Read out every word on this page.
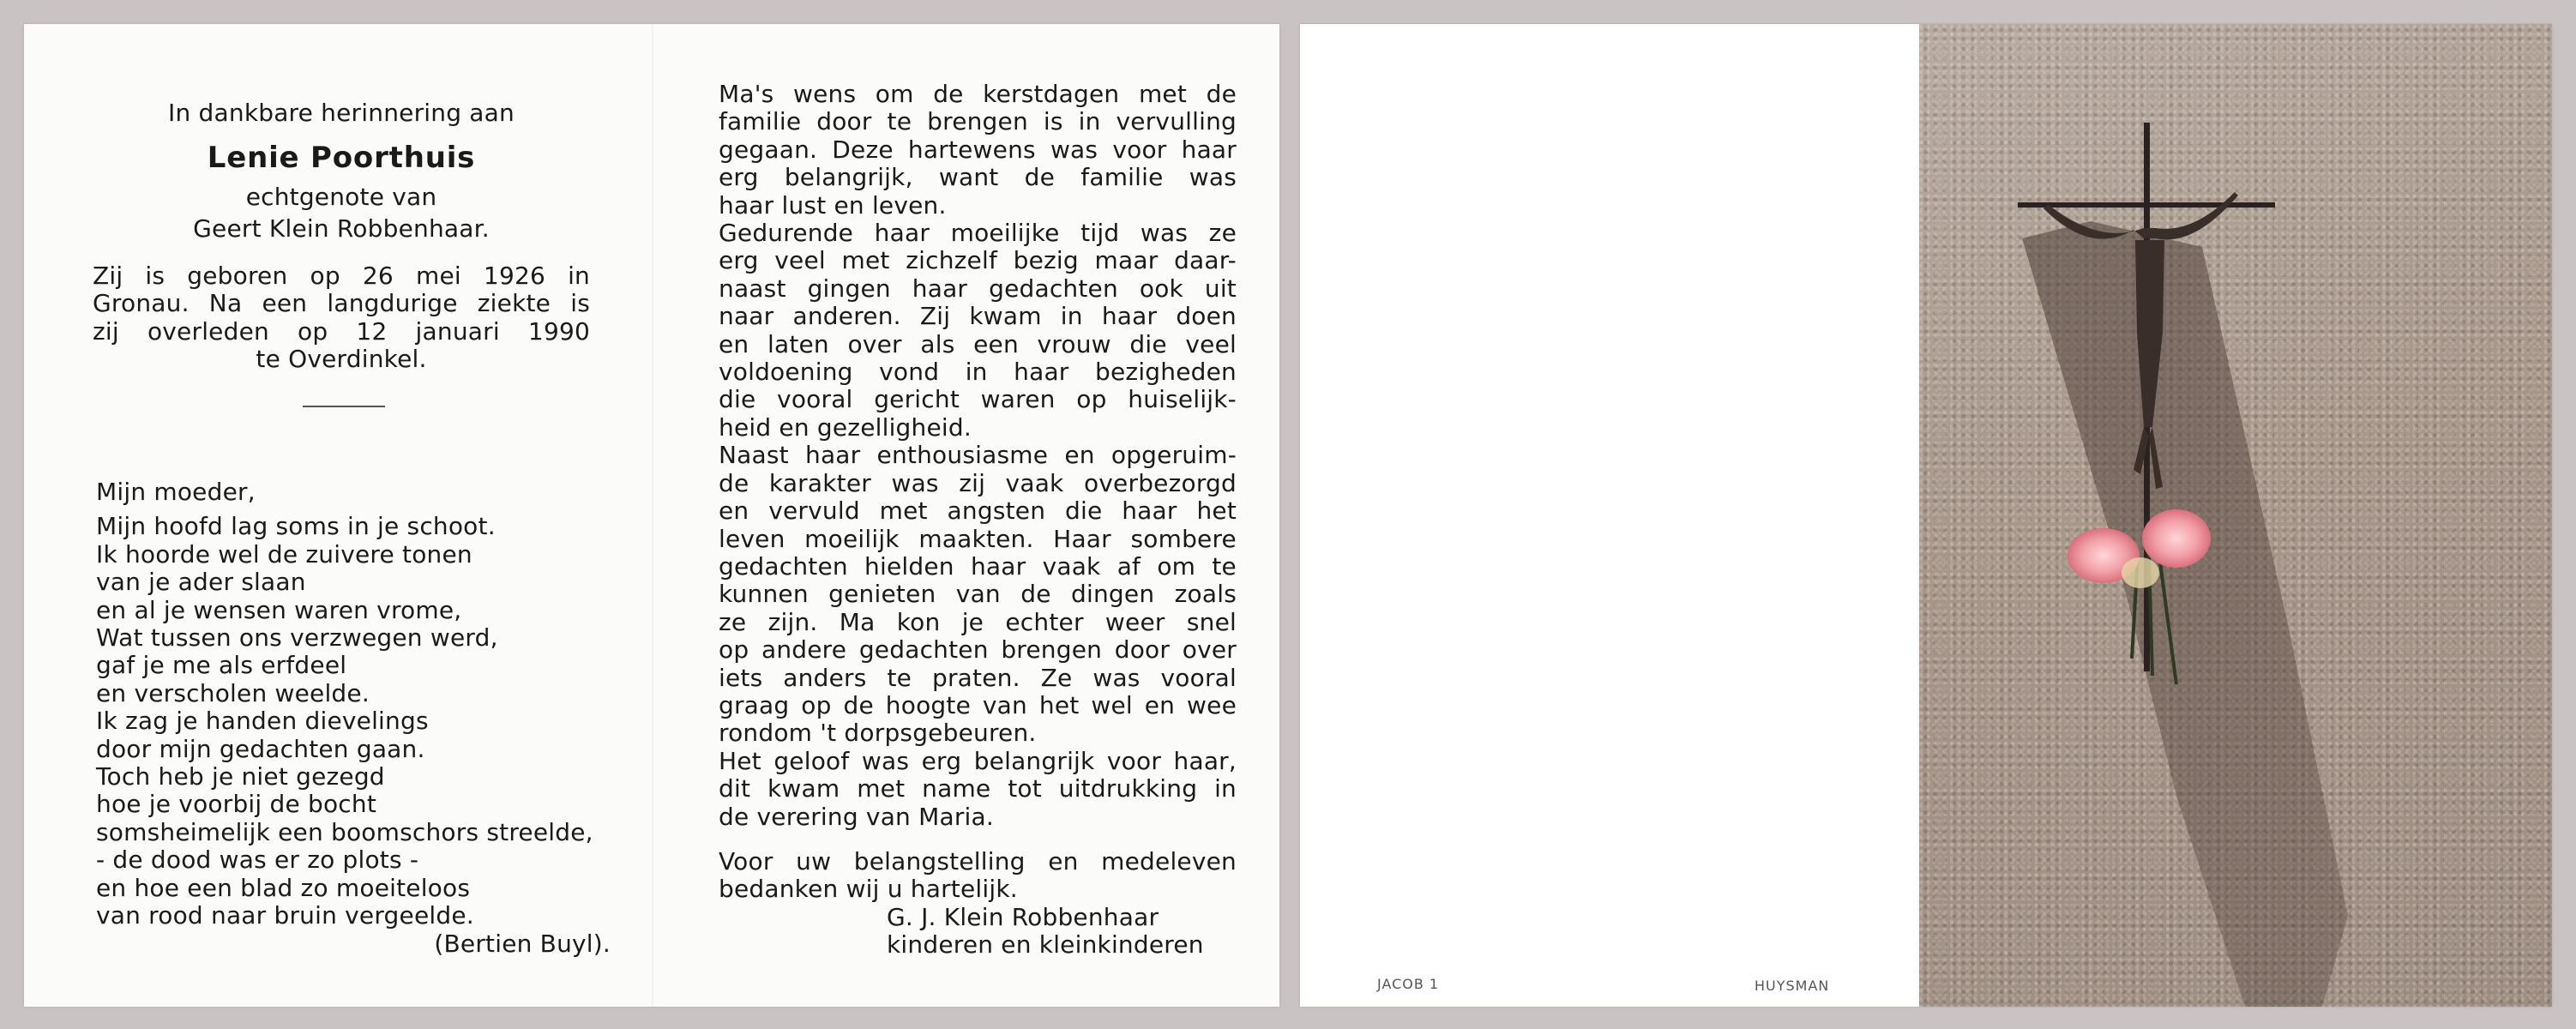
In dankbare herinnering aan
Lenie Poorthuis
echtgenote van
Geert Klein Robbenhaar.
Zij is geboren op 26 mei 1926 in
Gronau. Na een langdurige ziekte is
zij overleden op 12 januari 1990
te Overdinkel.
Mijn moeder,
Mijn hoofd lag soms in je schoot.
Ik hoorde wel de zuivere tonen
van je ader slaan
en al je wensen waren vrome,
Wat tussen ons verzwegen werd,
gaf je me als erfdeel
en verscholen weelde.
Ik zag je handen dievelings
door mijn gedachten gaan.
Toch heb je niet gezegd
hoe je voorbij de bocht
somsheimelijk een boomschors streelde,
- de dood was er zo plots -
en hoe een blad zo moeiteloos
van rood naar bruin vergeelde.
(Bertien Buyl).
Ma's wens om de kerstdagen met de
familie door te brengen is in vervulling
gegaan. Deze hartewens was voor haar
erg belangrijk, want de familie was
haar lust en leven.
Gedurende haar moeilijke tijd was ze
erg veel met zichzelf bezig maar daar-
naast gingen haar gedachten ook uit
naar anderen. Zij kwam in haar doen
en laten over als een vrouw die veel
voldoening vond in haar bezigheden
die vooral gericht waren op huiselijk-
heid en gezelligheid.
Naast haar enthousiasme en opgeruim-
de karakter was zij vaak overbezorgd
en vervuld met angsten die haar het
leven moeilijk maakten. Haar sombere
gedachten hielden haar vaak af om te
kunnen genieten van de dingen zoals
ze zijn. Ma kon je echter weer snel
op andere gedachten brengen door over
iets anders te praten. Ze was vooral
graag op de hoogte van het wel en wee
rondom 't dorpsgebeuren.
Het geloof was erg belangrijk voor haar,
dit kwam met name tot uitdrukking in
de verering van Maria.
Voor uw belangstelling en medeleven
bedanken wij u hartelijk.
G. J. Klein Robbenhaar
kinderen en kleinkinderen
JACOB 1	HUYSMAN
